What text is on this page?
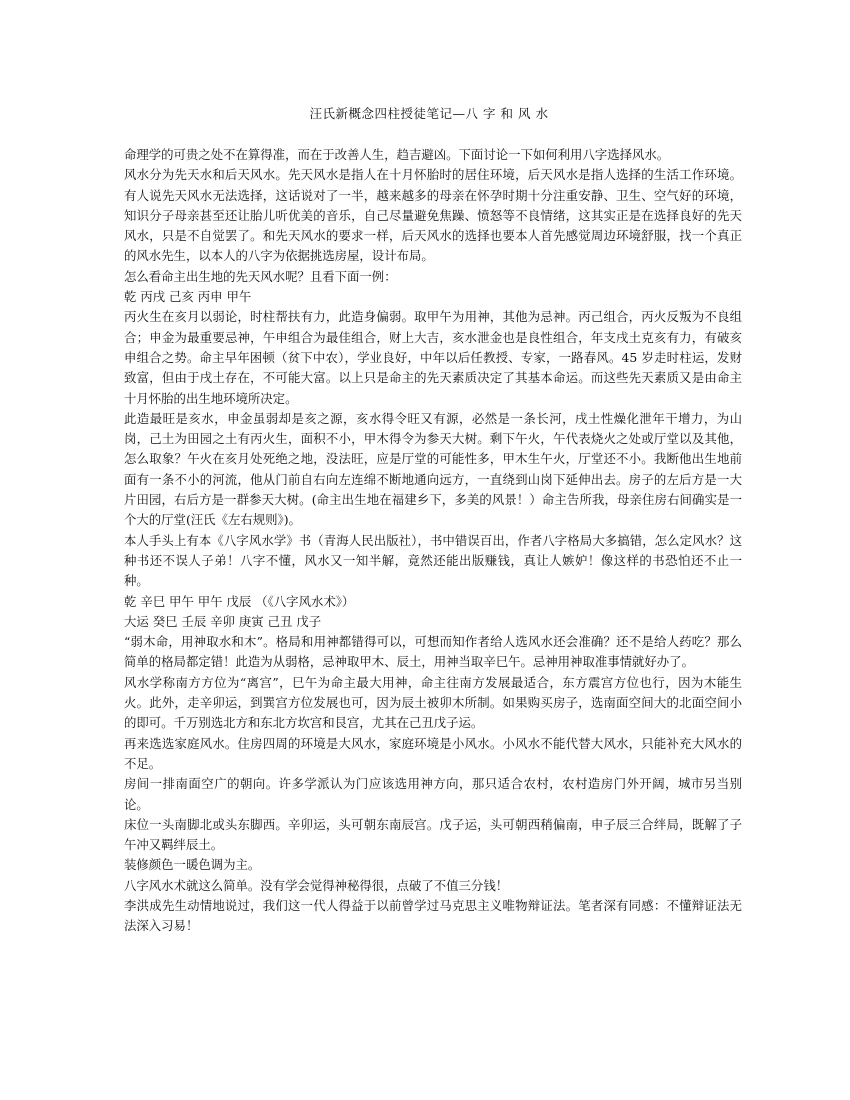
汪氏新概念四柱授徒笔记—八 字 和 风 水

命理学的可贵之处不在算得准，而在于改善人生，趋吉避凶。下面讨论一下如何利用八字选择风水。

风水分为先天水和后天风水。先天风水是指人在十月怀胎时的居住环境，后天风水是指人选择的生活工作环境。有人说先天风水无法选择，这话说对了一半，越来越多的母亲在怀孕时期十分注重安静、卫生、空气好的环境，知识分子母亲甚至还让胎儿听优美的音乐，自己尽量避免焦躁、愤怒等不良情绪，这其实正是在选择良好的先天风水，只是不自觉罢了。和先天风水的要求一样，后天风水的选择也要本人首先感觉周边环境舒服，找一个真正的风水先生，以本人的八字为依据挑选房屋，设计布局。

怎么看命主出生地的先天风水呢？且看下面一例：

乾 丙戌 己亥 丙申 甲午

丙火生在亥月以弱论，时柱帮扶有力，此造身偏弱。取甲午为用神，其他为忌神。丙己组合，丙火反叛为不良组合；申金为最重要忌神，午申组合为最佳组合，财上大吉，亥水泄金也是良性组合，年支戌土克亥有力，有破亥申组合之势。命主早年困顿（贫下中农），学业良好，中年以后任教授、专家，一路春风。45 岁走时柱运，发财致富，但由于戌土存在，不可能大富。以上只是命主的先天素质决定了其基本命运。而这些先天素质又是由命主十月怀胎的出生地环境所决定。

此造最旺是亥水，申金虽弱却是亥之源，亥水得令旺又有源，必然是一条长河，戌土性燥化泄年干增力，为山岗，己土为田园之土有丙火生，面积不小，甲木得令为参天大树。剩下午火，午代表烧火之处或厅堂以及其他，怎么取象？午火在亥月处死绝之地，没法旺，应是厅堂的可能性多，甲木生午火，厅堂还不小。我断他出生地前面有一条不小的河流，他从门前自右向左连绵不断地通向远方，一直绕到山岗下延伸出去。房子的左后方是一大片田园，右后方是一群参天大树。(命主出生地在福建乡下，多美的风景！）命主告所我，母亲住房右间确实是一个大的厅堂(汪氏《左右规则》)。

本人手头上有本《八字风水学》书（青海人民出版社），书中错误百出，作者八字格局大多搞错，怎么定风水？这种书还不误人子弟！八字不懂，风水又一知半解，竟然还能出版赚钱，真让人嫉妒！像这样的书恐怕还不止一种。

乾 辛巳 甲午 甲午 戊辰 （《八字风水术》）

大运 癸巳 壬辰 辛卯 庚寅 己丑 戊子

“弱木命，用神取水和木”。格局和用神都错得可以，可想而知作者给人选风水还会准确？还不是给人药吃？那么简单的格局都定错！此造为从弱格，忌神取甲木、辰土，用神当取辛巳午。忌神用神取准事情就好办了。

风水学称南方方位为“离宫”，巳午为命主最大用神，命主往南方发展最适合，东方震宫方位也行，因为木能生火。此外，走辛卯运，到巽宫方位发展也可，因为辰土被卯木所制。如果购买房子，选南面空间大的北面空间小的即可。千万别选北方和东北方坎宫和艮宫，尤其在己丑戊子运。

再来选选家庭风水。住房四周的环境是大风水，家庭环境是小风水。小风水不能代替大风水，只能补充大风水的不足。

房间一排南面空广的朝向。许多学派认为门应该选用神方向，那只适合农村，农村造房门外开阔，城市另当别论。

床位一头南脚北或头东脚西。辛卯运，头可朝东南辰宫。戊子运，头可朝西稍偏南，申子辰三合绊局，既解了子午冲又羁绊辰土。

装修颜色一暖色调为主。

八字风水术就这么简单。没有学会觉得神秘得很，点破了不值三分钱！

李洪成先生动情地说过，我们这一代人得益于以前曾学过马克思主义唯物辩证法。笔者深有同感：不懂辩证法无法深入习易！
